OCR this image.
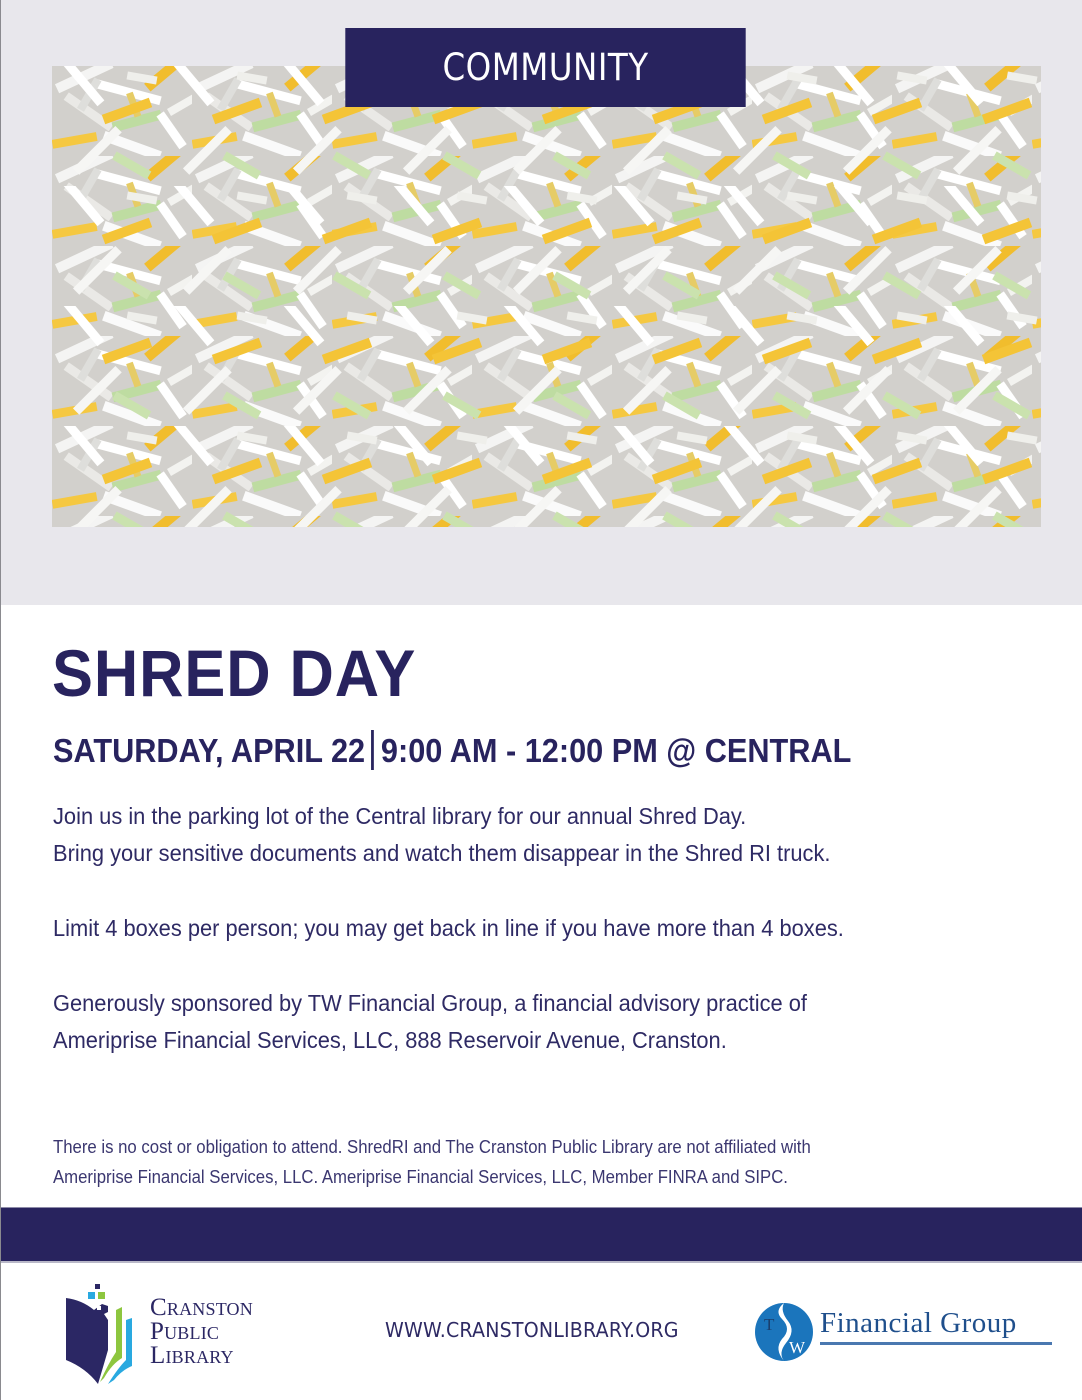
COMMUNITY
SHRED DAY
SATURDAY, APRIL 22 9:00 AM - 12:00 PM @ CENTRAL
Join us in the parking lot of the Central library for our annual Shred Day.
Bring your sensitive documents and watch them disappear in the Shred RI truck.
Limit 4 boxes per person; you may get back in line if you have more than 4 boxes.
Generously sponsored by TW Financial Group, a financial advisory practice of
Ameriprise Financial Services, LLC, 888 Reservoir Avenue, Cranston.
There is no cost or obligation to attend. ShredRI and The Cranston Public Library are not affiliated with
Ameriprise Financial Services, LLC. Ameriprise Financial Services, LLC, Member FINRA and SIPC.
Cranston
Public
Library
WWW.CRANSTONLIBRARY.ORG	T
W
Financial Group
